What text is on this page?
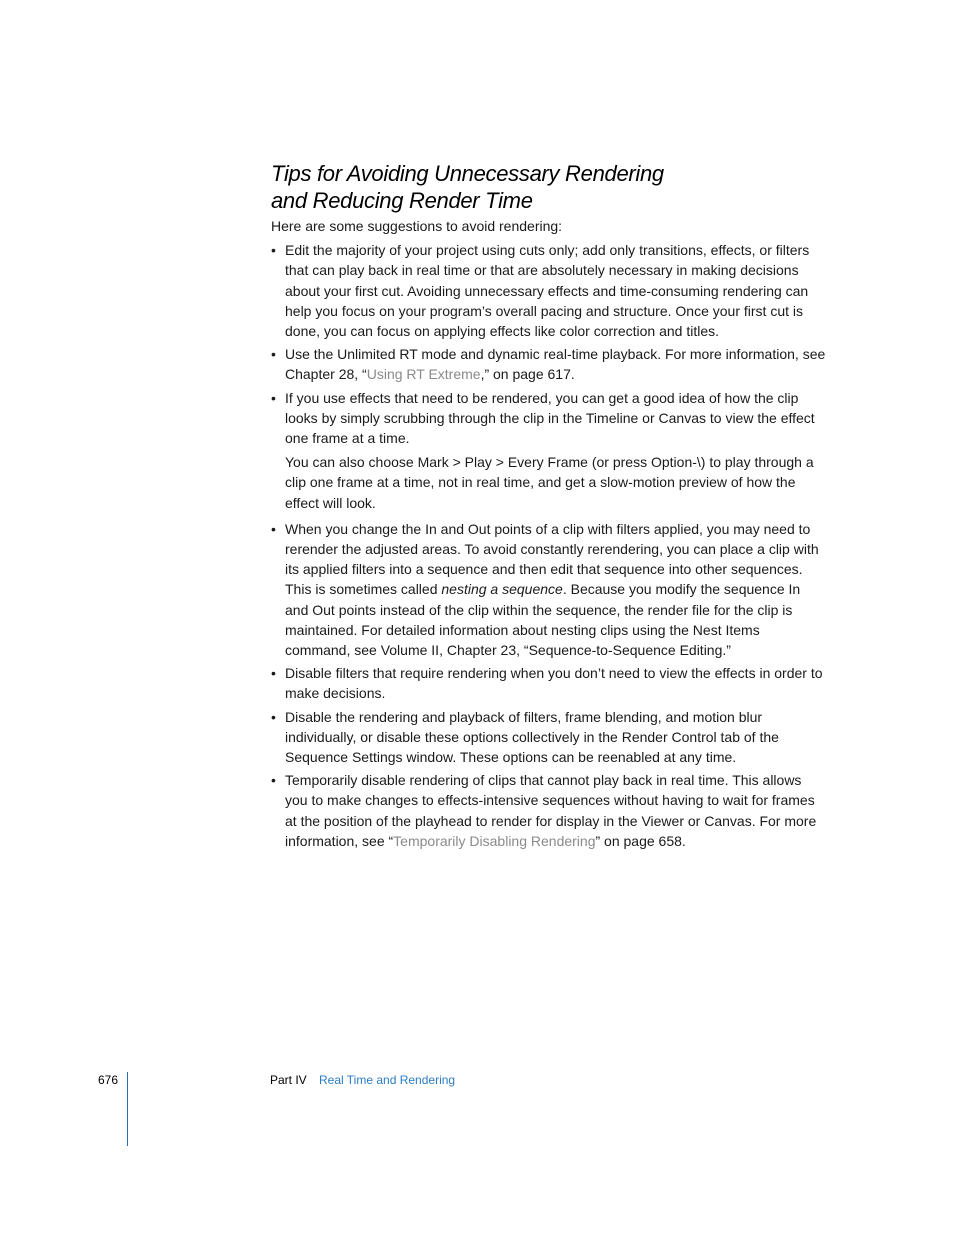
Tips for Avoiding Unnecessary Rendering
and Reducing Render Time

Here are some suggestions to avoid rendering:

• Edit the majority of your project using cuts only; add only transitions, effects, or filters that can play back in real time or that are absolutely necessary in making decisions about your first cut. Avoiding unnecessary effects and time-consuming rendering can help you focus on your program’s overall pacing and structure. Once your first cut is done, you can focus on applying effects like color correction and titles.

• Use the Unlimited RT mode and dynamic real-time playback. For more information, see Chapter 28, “Using RT Extreme,” on page 617.

• If you use effects that need to be rendered, you can get a good idea of how the clip looks by simply scrubbing through the clip in the Timeline or Canvas to view the effect one frame at a time.

You can also choose Mark > Play > Every Frame (or press Option-\) to play through a clip one frame at a time, not in real time, and get a slow-motion preview of how the effect will look.

• When you change the In and Out points of a clip with filters applied, you may need to rerender the adjusted areas. To avoid constantly rerendering, you can place a clip with its applied filters into a sequence and then edit that sequence into other sequences. This is sometimes called nesting a sequence. Because you modify the sequence In and Out points instead of the clip within the sequence, the render file for the clip is maintained. For detailed information about nesting clips using the Nest Items command, see Volume II, Chapter 23, “Sequence-to-Sequence Editing.”

• Disable filters that require rendering when you don’t need to view the effects in order to make decisions.

• Disable the rendering and playback of filters, frame blending, and motion blur individually, or disable these options collectively in the Render Control tab of the Sequence Settings window. These options can be reenabled at any time.

• Temporarily disable rendering of clips that cannot play back in real time. This allows you to make changes to effects-intensive sequences without having to wait for frames at the position of the playhead to render for display in the Viewer or Canvas. For more information, see “Temporarily Disabling Rendering” on page 658.

676	Part IV Real Time and Rendering
